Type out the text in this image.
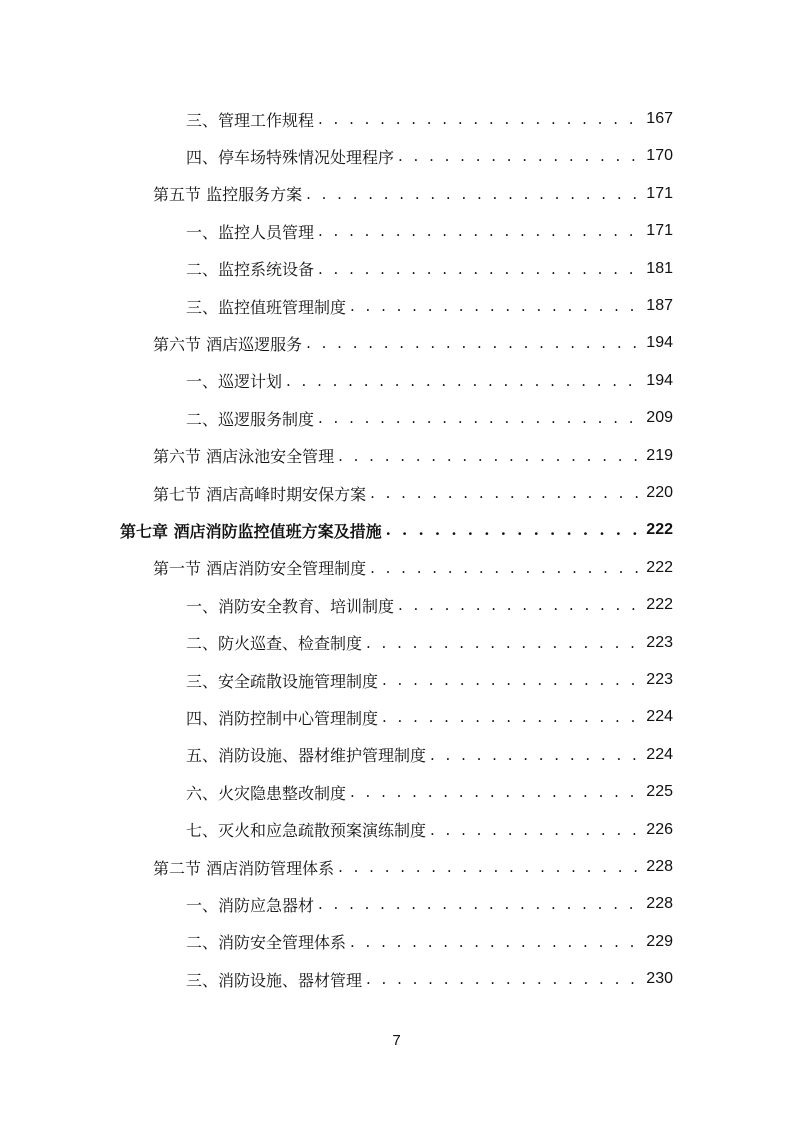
三、管理工作规程 . . .	167
四、停车场特殊情况处理程序 . . .	170
第五节 监控服务方案 . . .	171
一、监控人员管理 . . .	171
二、监控系统设备 . . .	181
三、监控值班管理制度 . . .	187
第六节 酒店巡逻服务 . . .	194
一、巡逻计划 . . .	194
二、巡逻服务制度 . . .	209
第六节 酒店泳池安全管理 . . .	219
第七节 酒店高峰时期安保方案 . . .	220
第七章 酒店消防监控值班方案及措施 . . .	222
第一节 酒店消防安全管理制度 . . .	222
一、消防安全教育、培训制度 . . .	222
二、防火巡查、检查制度 . . .	223
三、安全疏散设施管理制度 . . .	223
四、消防控制中心管理制度 . . .	224
五、消防设施、器材维护管理制度 . . .	224
六、火灾隐患整改制度 . . .	225
七、灭火和应急疏散预案演练制度 . . .	226
第二节 酒店消防管理体系 . . .	228
一、消防应急器材 . . .	228
二、消防安全管理体系 . . .	229
三、消防设施、器材管理 . . .	230
7
